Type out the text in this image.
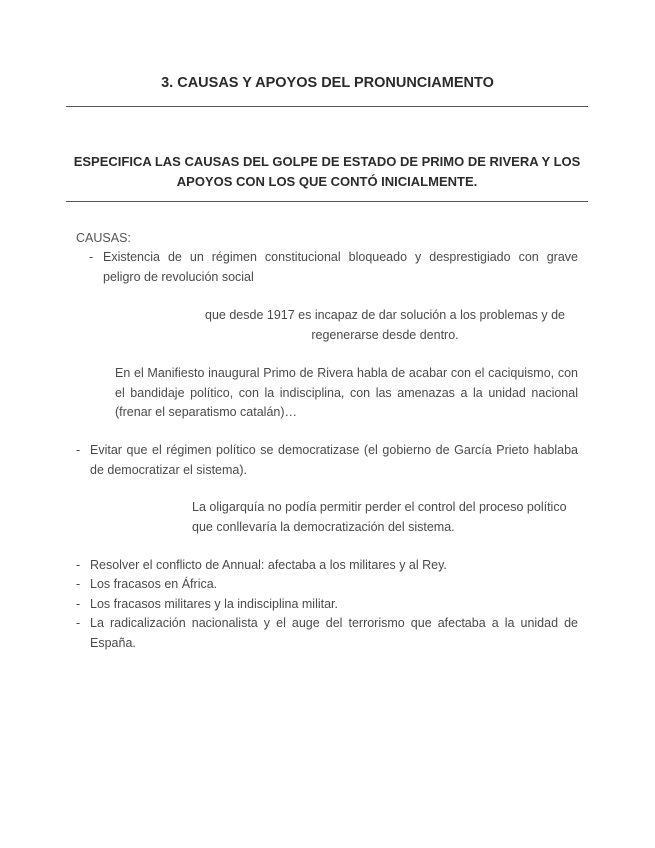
3. CAUSAS Y APOYOS DEL PRONUNCIAMENTO
ESPECIFICA LAS CAUSAS DEL GOLPE DE ESTADO DE PRIMO DE RIVERA Y LOS APOYOS CON LOS QUE CONTÓ INICIALMENTE.
CAUSAS:
- Existencia de un régimen constitucional bloqueado y desprestigiado con grave peligro de revolución social
que desde 1917 es incapaz de dar solución a los problemas y de regenerarse desde dentro.
En el Manifiesto inaugural Primo de Rivera habla de acabar con el caciquismo, con el bandidaje político, con la indisciplina, con las amenazas a la unidad nacional (frenar el separatismo catalán)…
- Evitar que el régimen político se democratizase (el gobierno de García Prieto hablaba de democratizar el sistema).
La oligarquía no podía permitir perder el control del proceso político que conllevaría la democratización del sistema.
- Resolver el conflicto de Annual: afectaba a los militares y al Rey.
- Los fracasos en África.
- Los fracasos militares y la indisciplina militar.
- La radicalización nacionalista y el auge del terrorismo que afectaba a la unidad de España.
